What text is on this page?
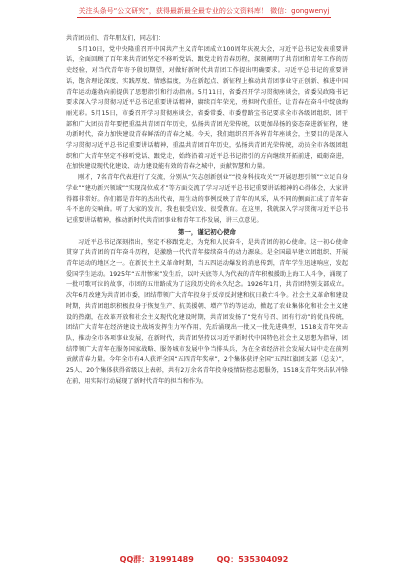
关注头条号“公文研究”，获得最新最全最专业的公文资料库！ 微信：gongwenyj

共青团员们、青年朋友们，同志们：

5月10日，党中央隆重召开中国共产主义青年团成立100周年庆祝大会，习近平总书记发表重要讲话，全面回顾了百年来共青团坚定不移听党话、跟党走的青春历程，深刻阐明了共青团和青年工作的历史经验，对当代青年寄予殷切期望，对做好新时代共青团工作提出明确要求。习近平总书记的重要讲话，饱含理论深度、实践厚度、情感温度，为在新起点、新征程上推动共青团事业守正创新、推进中国青年运动蓬勃向前提供了思想指引和行动指南。5月11日，省委召开学习贯彻座谈会，省委吴政隆书记要求深入学习贯彻习近平总书记重要讲话精神，赓续百年荣光，勇担时代重任，让青春在奋斗中绽放绚丽光彩。5月15日，市委召开学习贯彻座谈会，省委常委、市委曹路宝书记要求全市各级团组织、团干部和广大团员青年要把重温共青团百年历史，弘扬共青团光荣传统，以更加昂扬的姿态奋进新征程，建功新时代，奋力加快建设青春鲜活的青春之城。今天，我们组织召开各界青年座谈会，主要目的是深入学习贯彻习近平总书记重要讲话精神，重温共青团百年历史，弘扬共青团光荣传统，动员全市各级团组织和广大青年坚定不移听党话、跟党走，始终沿着习近平总书记指引的方向继续开拓前进，砥砺奋进，在加快建设现代化建设、动力建设能有效的青春之城中，贡献智慧和力量。

刚才，7名青年代表进行了交流，分别从“矢志创新创业”“投身科技攻关”“开展思想引领”“立足自身学业”“建功新兴领域”“实现岗位成才”等方面交流了学习习近平总书记重要讲话精神的心得体会，大家讲得都非常好。你们都是青年的杰出代表，用生动的事例反映了青年的风采，从不同的侧面汇成了青年奋斗不息的交响曲。听了大家的发言，我也很受启发、很受教育。在这里，我就深入学习贯彻习近平总书记重要讲话精神，推动新时代共青团事业和青年工作发展，讲三点意见。

第一，谨记初心使命

习近平总书记深刻指出，坚定不移跟党走，为党和人民奋斗，是共青团的初心使命。这一初心使命贯穿了共青团的百年奋斗历程，是激励一代代青年接续奋斗的动力源泉。是全国最早建立团组织、开展青年运动的地区之一。在新民主主义革命时期，当五四运动爆发的消息传到，青年学生迅速响应，发起爱国学生运动。1925年“五卅惨案”发生后，以叶天底等人为代表的青年积极援助上海工人斗争，涌现了一批可歌可泣的故事，市团的五卅路成为了这段历史的永久纪念。1926年1月，共青团特别支部成立。次年6月改建为共青团市委，团结带领广大青年投身于反帝反封建和抗日救亡斗争。社会主义革命和建设时期，共青团组织积极投身于恢复生产、抗美援朝、增产节约等运动，掀起了农业集体化和社会主义建设的热潮，在改革开放和社会主义现代化建设时期，共青团发扬了“党有号召、团有行动”的优良传统，团结广大青年在经济建设主战场发挥生力军作用，先后涌现出一批又一批先进典型，1518支青年突击队，推动全市各项事业发展，在新时代，共青团坚持以习近平新时代中国特色社会主义思想为指导，团结带领广大青年在服务国家战略、服务城市发展中争当排头兵，为在全省经济社会发展大局中走在前列贡献青春力量。今年全市有4人获评全国“五四青年奖章”，2个集体获评全国“五四红旗团支部（总支）”，25人、20个集体获得省级以上表彰，共有2万余名青年投身疫情防控志愿服务，1518支青年突击队冲锋在前，用实际行动展现了新时代青年的担当和作为。

QQ群：31991489	QQ：535304092
